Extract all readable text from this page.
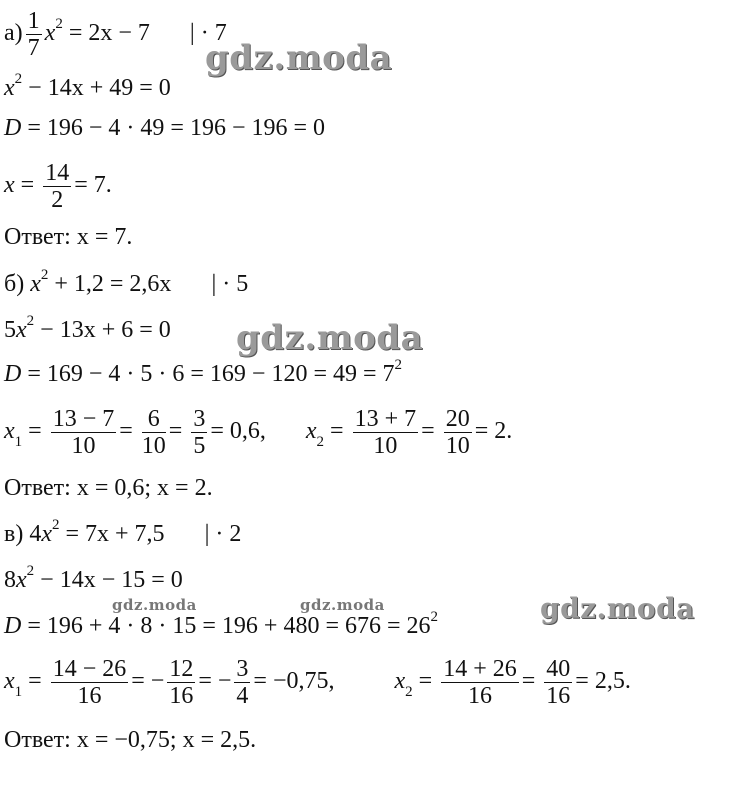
gdz.moda
gdz.moda
gdz.moda	gdz.moda	gdz.moda
$а) \frac{1}{7} x^2 = 2x - 7$ | · 7
$x^2 - 14x + 49 = 0$
D = 196 − 4 · 49 = 196 − 196 = 0
$x = \frac{14}{2} = 7$.
Ответ: x = 7.
б) $x^2 + 1,2 = 2,6x$ | · 5
$5x^2 - 13x + 6 = 0$
$D = 169 - 4 \cdot 5 \cdot 6 = 169 - 120 = 49 = 7^2$
$x_1 = \frac{13 - 7}{10} = \frac{6}{10} = \frac{3}{5} = 0,6$, $x_2 = \frac{13 + 7}{10} = \frac{20}{10} = 2$.
Ответ: x = 0,6; x = 2.
в) $4x^2 = 7x + 7,5$ | · 2
$8x^2 - 14x - 15 = 0$
$D = 196 + 4 \cdot 8 \cdot 15 = 196 + 480 = 676 = 26^2$
$x_1 = \frac{14 - 26}{16}$ = − $\frac{12}{16}$ = − $\frac{3}{4} = -0,75$,	$x_2 = \frac{14 + 26}{16} = \frac{40}{16} = 2,5$.
Ответ: x = −0,75; x = 2,5.
